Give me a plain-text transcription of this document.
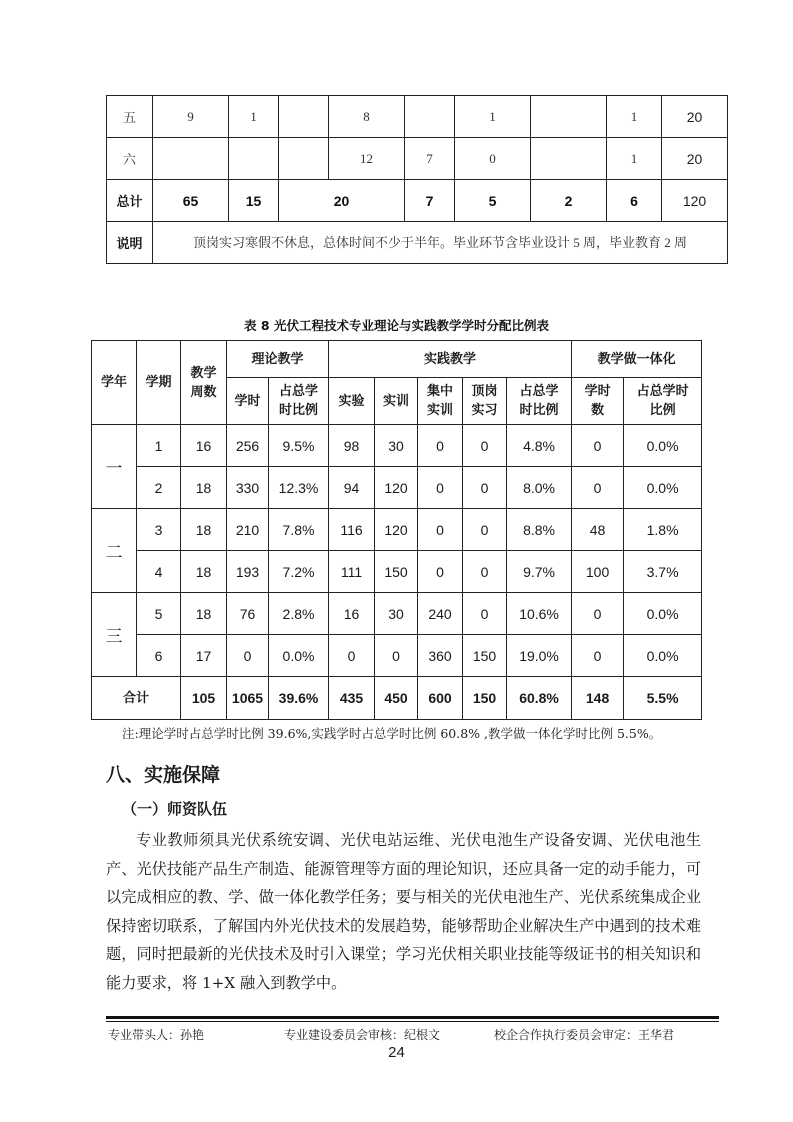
五	9	1		8		1		1	20
六				12	7	0		1	20
总计	65	15	20		7	5	2	6	120
说明	顶岗实习寒假不休息，总体时间不少于半年。毕业环节含毕业设计 5 周，毕业教育 2 周								
表 8 光伏工程技术专业理论与实践教学学时分配比例表
学年	学期	教学周数	理论教学		实践教学					教学做一体化	
			学时	占总学时比例	实验	实训	集中实训	顶岗实习	占总学时比例	学时数	占总学时比例
一	1	16	256	9.5%	98	30	0	0	4.8%	0	0.0%
	2	18	330	12.3%	94	120	0	0	8.0%	0	0.0%
二	3	18	210	7.8%	116	120	0	0	8.8%	48	1.8%
	4	18	193	7.2%	111	150	0	0	9.7%	100	3.7%
三	5	18	76	2.8%	16	30	240	0	10.6%	0	0.0%
	6	17	0	0.0%	0	0	360	150	19.0%	0	0.0%
合计		105	1065	39.6%	435	450	600	150	60.8%	148	5.5%
注:理论学时占总学时比例 39.6%,实践学时占总学时比例 60.8% ,教学做一体化学时比例 5.5%。
八、实施保障
（一）师资队伍

专业教师须具光伏系统安调、光伏电站运维、光伏电池生产设备安调、光伏电池生产、光伏技能产品生产制造、能源管理等方面的理论知识，还应具备一定的动手能力，可以完成相应的教、学、做一体化教学任务；要与相关的光伏电池生产、光伏系统集成企业保持密切联系，了解国内外光伏技术的发展趋势，能够帮助企业解决生产中遇到的技术难题，同时把最新的光伏技术及时引入课堂；学习光伏相关职业技能等级证书的相关知识和能力要求，将 1+X 融入到教学中。

专业带头人：孙艳	专业建设委员会审核：纪根文	校企合作执行委员会审定：王华君
24
